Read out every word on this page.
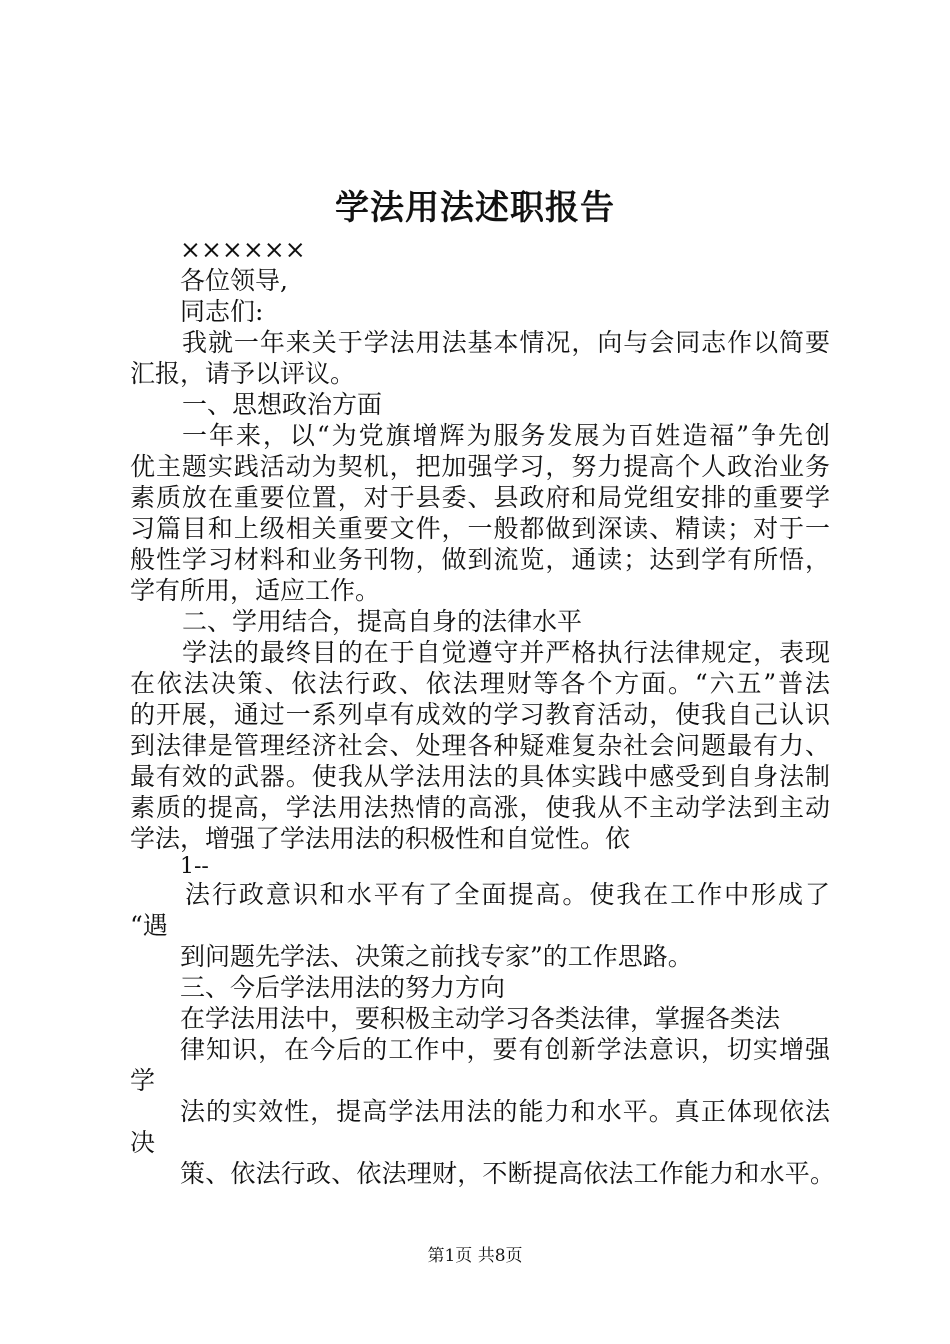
学法用法述职报告
××××××
各位领导,
同志们:
我就一年来关于学法用法基本情况，向与会同志作以简要
汇报，请予以评议。
一、思想政治方面
一年来，以“为党旗增辉为服务发展为百姓造福”争先创
优主题实践活动为契机，把加强学习，努力提高个人政治业务
素质放在重要位置，对于县委、县政府和局党组安排的重要学
习篇目和上级相关重要文件，一般都做到深读、精读；对于一
般性学习材料和业务刊物，做到流览，通读；达到学有所悟，
学有所用，适应工作。
二、学用结合，提高自身的法律水平
学法的最终目的在于自觉遵守并严格执行法律规定，表现
在依法决策、依法行政、依法理财等各个方面。“六五”普法
的开展，通过一系列卓有成效的学习教育活动，使我自己认识
到法律是管理经济社会、处理各种疑难复杂社会问题最有力、
最有效的武器。使我从学法用法的具体实践中感受到自身法制
素质的提高，学法用法热情的高涨，使我从不主动学法到主动
学法，增强了学法用法的积极性和自觉性。依
1--
法行政意识和水平有了全面提高。使我在工作中形成了
“遇
到问题先学法、决策之前找专家”的工作思路。
三、今后学法用法的努力方向
在学法用法中，要积极主动学习各类法律，掌握各类法
律知识，在今后的工作中，要有创新学法意识，切实增强
学
法的实效性，提高学法用法的能力和水平。真正体现依法
决
策、依法行政、依法理财，不断提高依法工作能力和水平。
第1页 共8页
